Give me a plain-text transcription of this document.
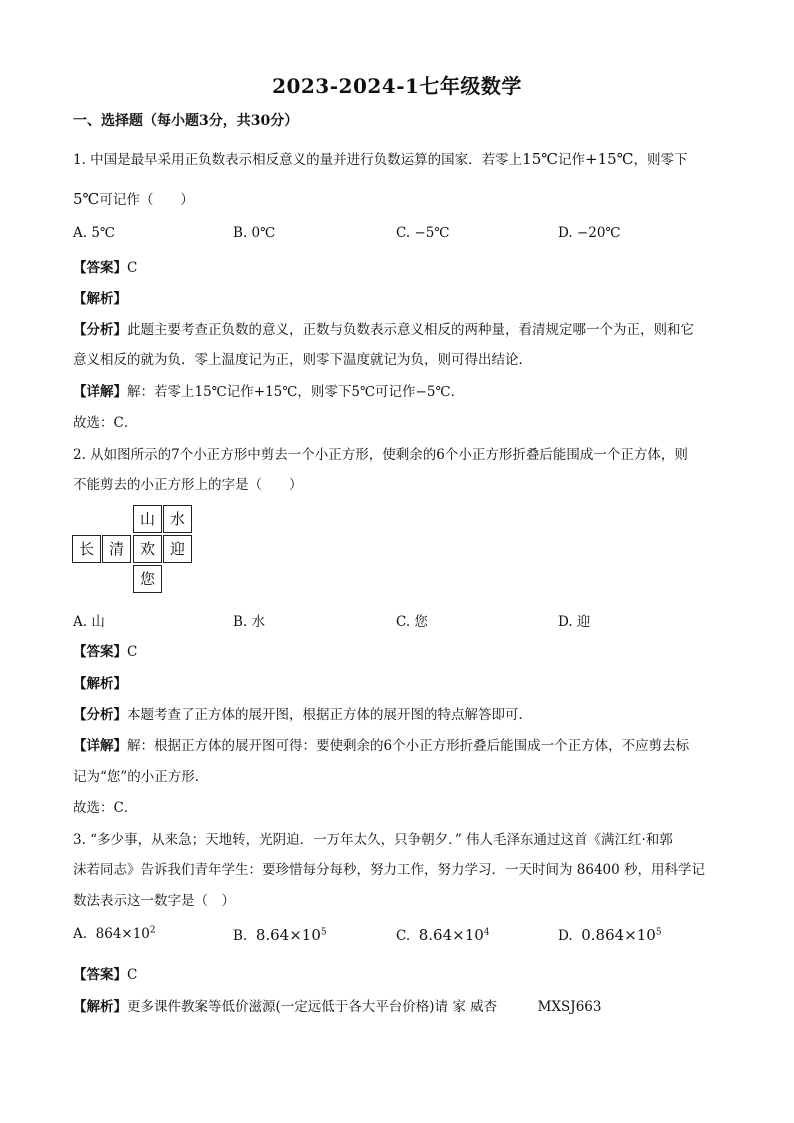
2023-2024-1七年级数学
一、选择题（每小题3分，共30分）
1. 中国是最早采用正负数表示相反意义的量并进行负数运算的国家．若零上15℃记作+15℃，则零下
5℃可记作（　　）
A. 5℃	B. 0℃	C. −5℃	D. −20℃
【答案】C
【解析】
【分析】此题主要考查正负数的意义，正数与负数表示意义相反的两种量，看清规定哪一个为正，则和它
意义相反的就为负．零上温度记为正，则零下温度就记为负，则可得出结论．
【详解】解：若零上15℃记作+15℃，则零下5℃可记作−5℃．
故选：C．
2. 从如图所示的7个小正方形中剪去一个小正方形，使剩余的6个小正方形折叠后能围成一个正方体，则
不能剪去的小正方形上的字是（　　）
山 水
长 清	欢 迎
您
A. 山	B. 水	C. 您	D. 迎
【答案】C
【解析】
【分析】本题考查了正方体的展开图，根据正方体的展开图的特点解答即可．
【详解】解：根据正方体的展开图可得：要使剩余的6个小正方形折叠后能围成一个正方体，不应剪去标
记为“您”的小正方形．
故选：C．
3. “多少事，从来急；天地转，光阴迫．一万年太久，只争朝夕．” 伟人毛泽东通过这首《满江红·和郭
沫若同志》告诉我们青年学生：要珍惜每分每秒，努力工作，努力学习．一天时间为 86400 秒，用科学记
数法表示这一数字是（　）
A. $864\times 10^2$	B. $8.64\times 10^5$	C. $8.64\times 10^4$	D. $0.864\times 10^5$
【答案】C
【解析】更多课件教案等低价滋源(一定远低于各大平台价格)请 家 威杏　　　MXSJ663
